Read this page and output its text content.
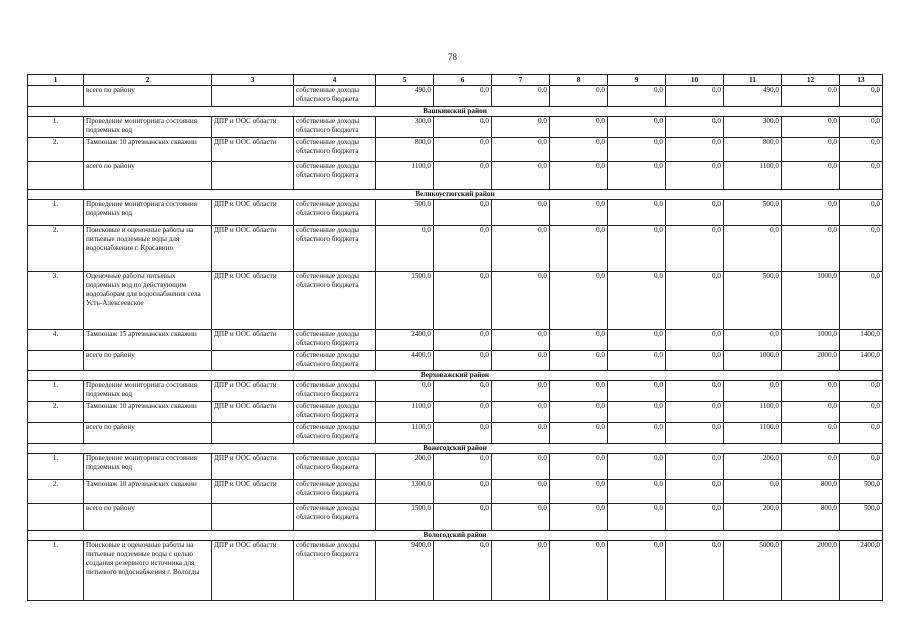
78
1	2	3	4	5	6	7	8	9	10	11	12	13
	всего по району		собственные доходы областного бюджета	490,0	0,0	0,0	0,0	0,0	0,0	490,0	0,0	0,0
Вашкинский район												
1.	Проведение мониторинга состояния подземных вод	ДПР и ООС области	собственные доходы областного бюджета	300,0	0,0	0,0	0,0	0,0	0,0	300,0	0,0	0,0
2.	Тампонаж 10 артезианских скважин	ДПР и ООС области	собственные доходы областного бюджета	800,0	0,0	0,0	0,0	0,0	0,0	800,0	0,0	0,0
	всего по району		собственные доходы областного бюджета	1100,0	0,0	0,0	0,0	0,0	0,0	1100,0	0,0	0,0
Великоустюгский район												
1.	Проведение мониторинга состояния подземных вод	ДПР и ООС области	собственные доходы областного бюджета	500,0	0,0	0,0	0,0	0,0	0,0	500,0	0,0	0,0
2.	Поисковые и оценочные работы на питьевые подземные воды для водоснабжения г. Красавино	ДПР и ООС области	собственные доходы областного бюджета	0,0	0,0	0,0	0,0	0,0	0,0	0,0	0,0	0,0
3.	Оценочные работы питьевых подземных вод по действующим водозаборам для водоснабжения села Усть-Алексеевское	ДПР и ООС области	собственные доходы областного бюджета	1500,0	0,0	0,0	0,0	0,0	0,0	500,0	1000,0	0,0
4.	Тампонаж 15 артезианских скважин	ДПР и ООС области	собственные доходы областного бюджета	2400,0	0,0	0,0	0,0	0,0	0,0	0,0	1000,0	1400,0
	всего по району		собственные доходы областного бюджета	4400,0	0,0	0,0	0,0	0,0	0,0	1000,0	2000,0	1400,0
Верховажский район												
1.	Проведение мониторинга состояния подземных вод	ДПР и ООС области	собственные доходы областного бюджета	0,0	0,0	0,0	0,0	0,0	0,0	0,0	0,0	0,0
2.	Тампонаж 10 артезианских скважин	ДПР и ООС области	собственные доходы областного бюджета	1100,0	0,0	0,0	0,0	0,0	0,0	1100,0	0,0	0,0
	всего по району		собственные доходы областного бюджета	1100,0	0,0	0,0	0,0	0,0	0,0	1100,0	0,0	0,0
Вожегодский район												
1.	Проведение мониторинга состояния подземных вод	ДПР и ООС области	собственные доходы областного бюджета	200,0	0,0	0,0	0,0	0,0	0,0	200,0	0,0	0,0
2.	Тампонаж 10 артезианских скважин	ДПР и ООС области	собственные доходы областного бюджета	1300,0	0,0	0,0	0,0	0,0	0,0	0,0	800,0	500,0
	всего по району		собственные доходы областного бюджета	1500,0	0,0	0,0	0,0	0,0	0,0	200,0	800,0	500,0
Вологодский район												
1.	Поисковые и оценочные работы на питьевые подземные воды с целью создания резервного источника для питьевого водоснабжения г. Вологды	ДПР и ООС области	собственные доходы областного бюджета	9400,0	0,0	0,0	0,0	0,0	0,0	5000,0	2000,0	2400,0
